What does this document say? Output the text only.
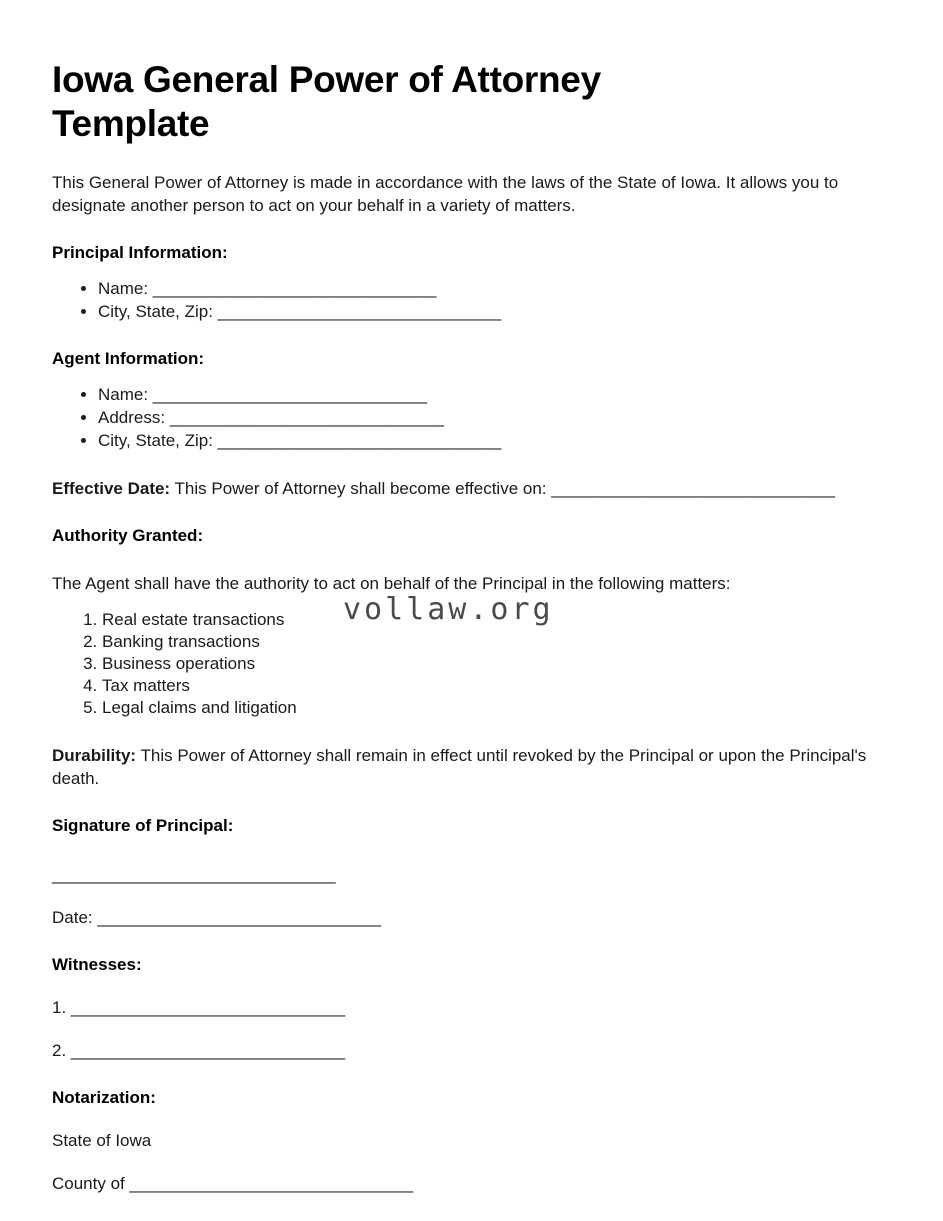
Iowa General Power of Attorney Template

This General Power of Attorney is made in accordance with the laws of the State of Iowa. It allows you to designate another person to act on your behalf in a variety of matters.

Principal Information:
• Name: ______________________________
• City, State, Zip: ______________________________
Agent Information:
• Name: _____________________________
• Address: _____________________________
• City, State, Zip: ______________________________

Effective Date: This Power of Attorney shall become effective on: ______________________________

Authority Granted:

The Agent shall have the authority to act on behalf of the Principal in the following matters:

1. Real estate transactions
2. Banking transactions
3. Business operations
4. Tax matters
5. Legal claims and litigation

Durability: This Power of Attorney shall remain in effect until revoked by the Principal or upon the Principal's death.

Signature of Principal:

______________________________

Date: ______________________________

Witnesses:

1. _____________________________

2. _____________________________

Notarization:

State of Iowa

County of ______________________________

vollaw.org
